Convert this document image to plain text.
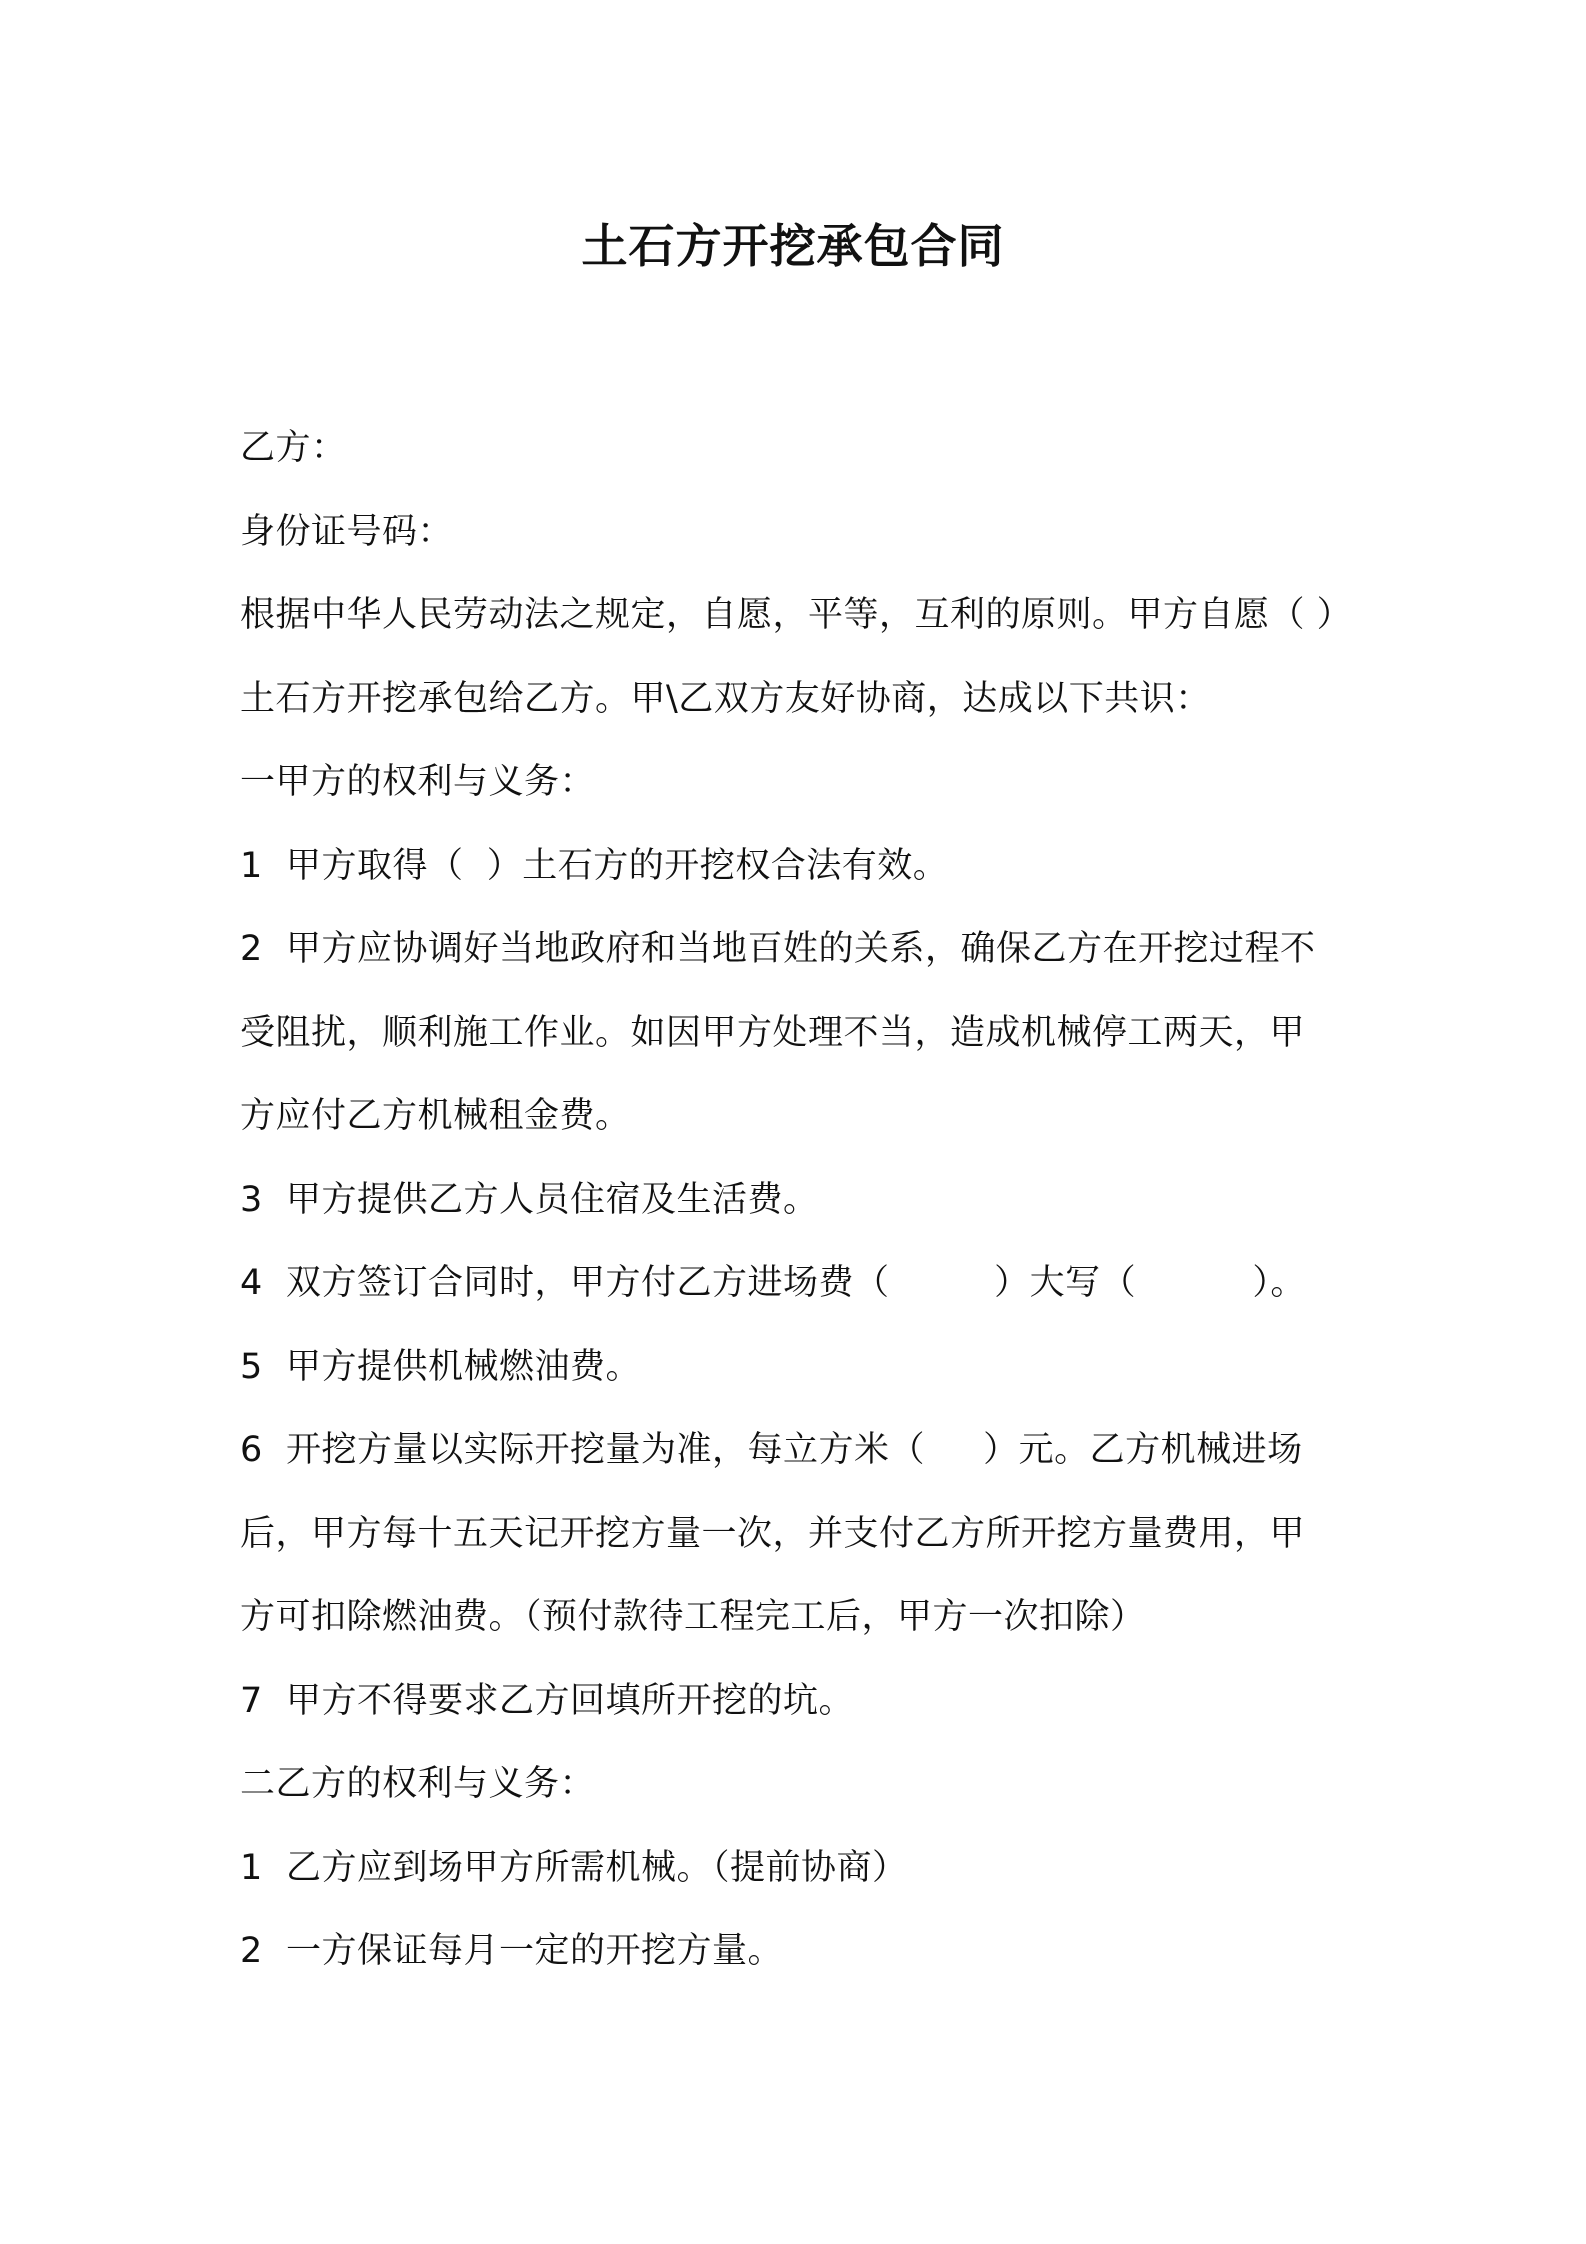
土石方开挖承包合同
乙方：
身份证号码：
根据中华人民劳动法之规定，自愿，平等，互利的原则。甲方自愿（ ）
土石方开挖承包给乙方。甲\乙双方友好协商，达成以下共识：
一甲方的权利与义务：
1  甲方取得（  ）土石方的开挖权合法有效。
2  甲方应协调好当地政府和当地百姓的关系，确保乙方在开挖过程不
受阻扰，顺利施工作业。如因甲方处理不当，造成机械停工两天，甲
方应付乙方机械租金费。
3  甲方提供乙方人员住宿及生活费。
4  双方签订合同时，甲方付乙方进场费（         ）大写（          ）。
5  甲方提供机械燃油费。
6  开挖方量以实际开挖量为准，每立方米（     ）元。乙方机械进场
后，甲方每十五天记开挖方量一次，并支付乙方所开挖方量费用，甲
方可扣除燃油费。（预付款待工程完工后，甲方一次扣除）
7  甲方不得要求乙方回填所开挖的坑。
二乙方的权利与义务：
1  乙方应到场甲方所需机械。（提前协商）
2  一方保证每月一定的开挖方量。
